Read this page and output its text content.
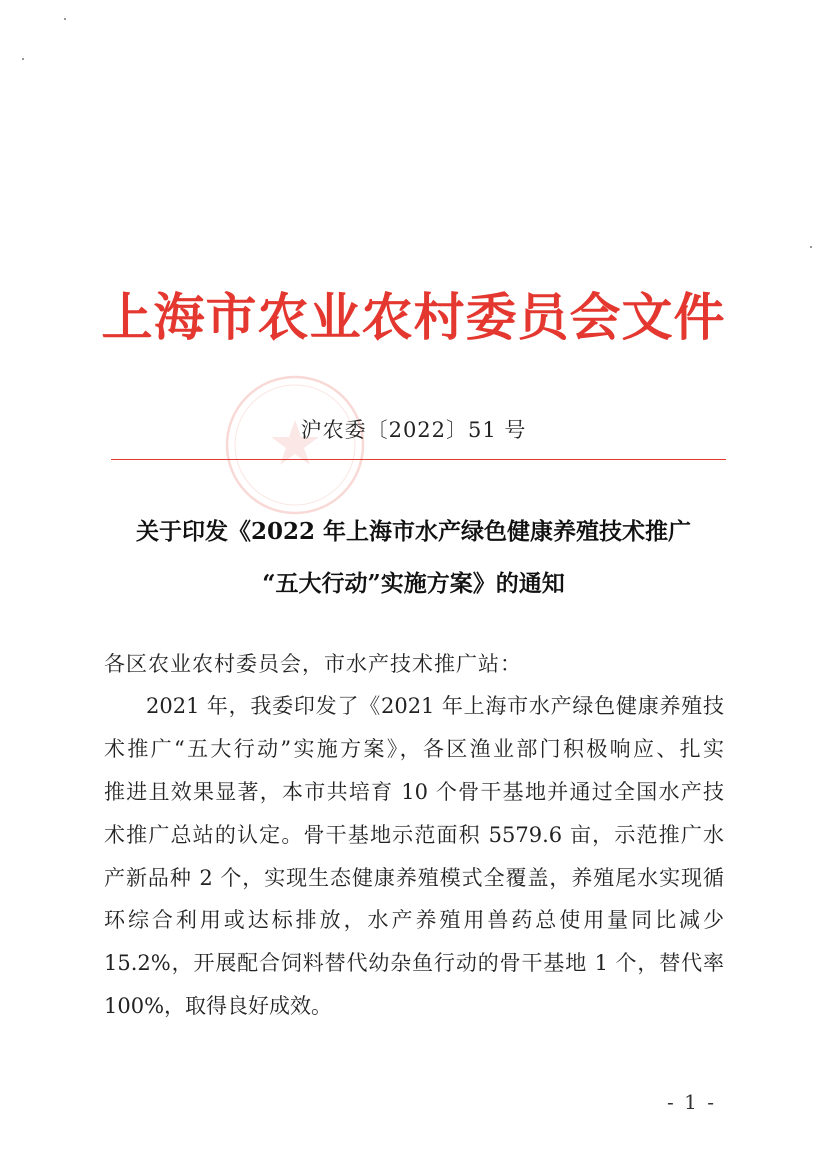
上海市农业农村委员会文件
沪农委〔2022〕51 号
关于印发《2022 年上海市水产绿色健康养殖技术推广
“五大行动”实施方案》的通知
各区农业农村委员会，市水产技术推广站：
2021 年，我委印发了《2021 年上海市水产绿色健康养殖技
术推广“五大行动”实施方案》，各区渔业部门积极响应、扎实
推进且效果显著，本市共培育 10 个骨干基地并通过全国水产技
术推广总站的认定。骨干基地示范面积 5579.6 亩，示范推广水
产新品种 2 个，实现生态健康养殖模式全覆盖，养殖尾水实现循
环综合利用或达标排放，水产养殖用兽药总使用量同比减少
15.2%，开展配合饲料替代幼杂鱼行动的骨干基地 1 个，替代率
100%，取得良好成效。
- 1 -
